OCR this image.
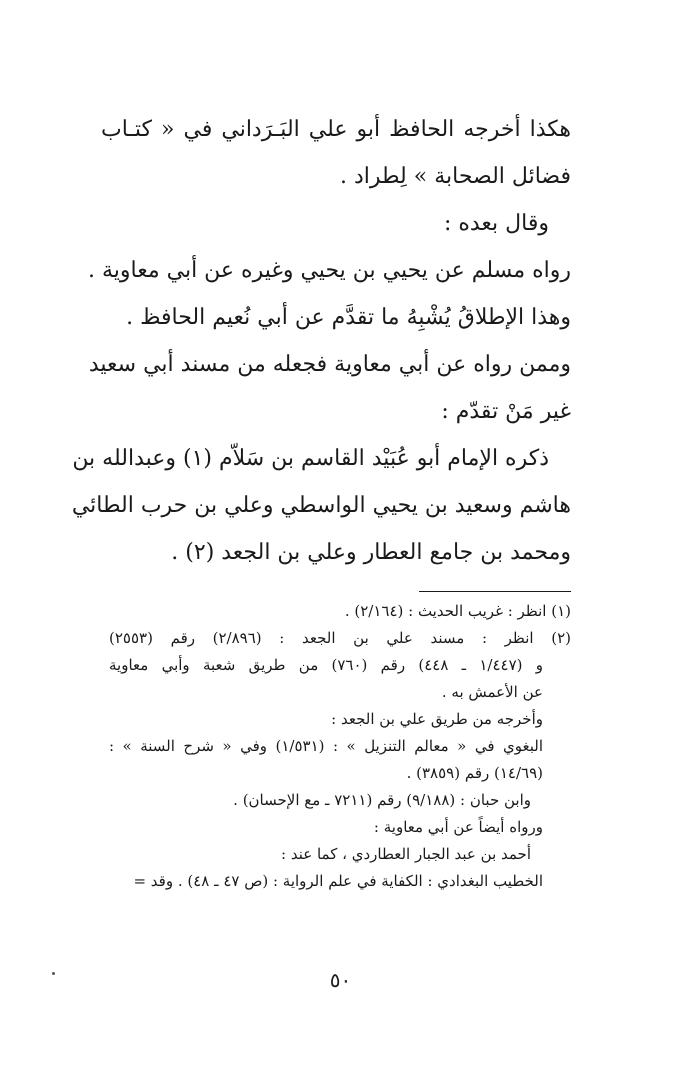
هكذا أخرجه الحافظ أبو علي البَـرَداني في « كتـاب
فضائل الصحابة » لِطراد .
وقال بعده :
رواه مسلم عن يحيي بن يحيي وغيره عن أبي معاوية .
وهذا الإطلاقُ يُشْبِهُ ما تقدَّم عن أبي نُعيم الحافظ .
وممن رواه عن أبي معاوية فجعله من مسند أبي سعيد
غير مَنْ تقدّم :
ذكره الإمام أبو عُبَيْد القاسم بن سَلاّم (١) وعبدالله بن
هاشم وسعيد بن يحيي الواسطي وعلي بن حرب الطائي
ومحمد بن جامع العطار وعلي بن الجعد (٢) .
(١) انظر : غريب الحديث : (٢/١٦٤) .
(٢) انظر : مسند علي بن الجعد : (٢/٨٩٦) رقم (٢٥٥٣)
و (١/٤٤٧ ـ ٤٤٨) رقم (٧٦٠) من طريق شعبة وأبي معاوية
عن الأعمش به .
وأخرجه من طريق علي بن الجعد :
البغوي في « معالم التنزيل » : (١/٥٣١) وفي « شرح السنة » :
(١٤/٦٩) رقم (٣٨٥٩) .
وابن حبان : (٩/١٨٨) رقم (٧٢١١ ـ مع الإحسان) .
ورواه أيضاً عن أبي معاوية :
أحمد بن عبد الجبار العطاردي ، كما عند :
الخطيب البغدادي : الكفاية في علم الرواية : (ص ٤٧ ـ ٤٨) . وقد =
٥٠
